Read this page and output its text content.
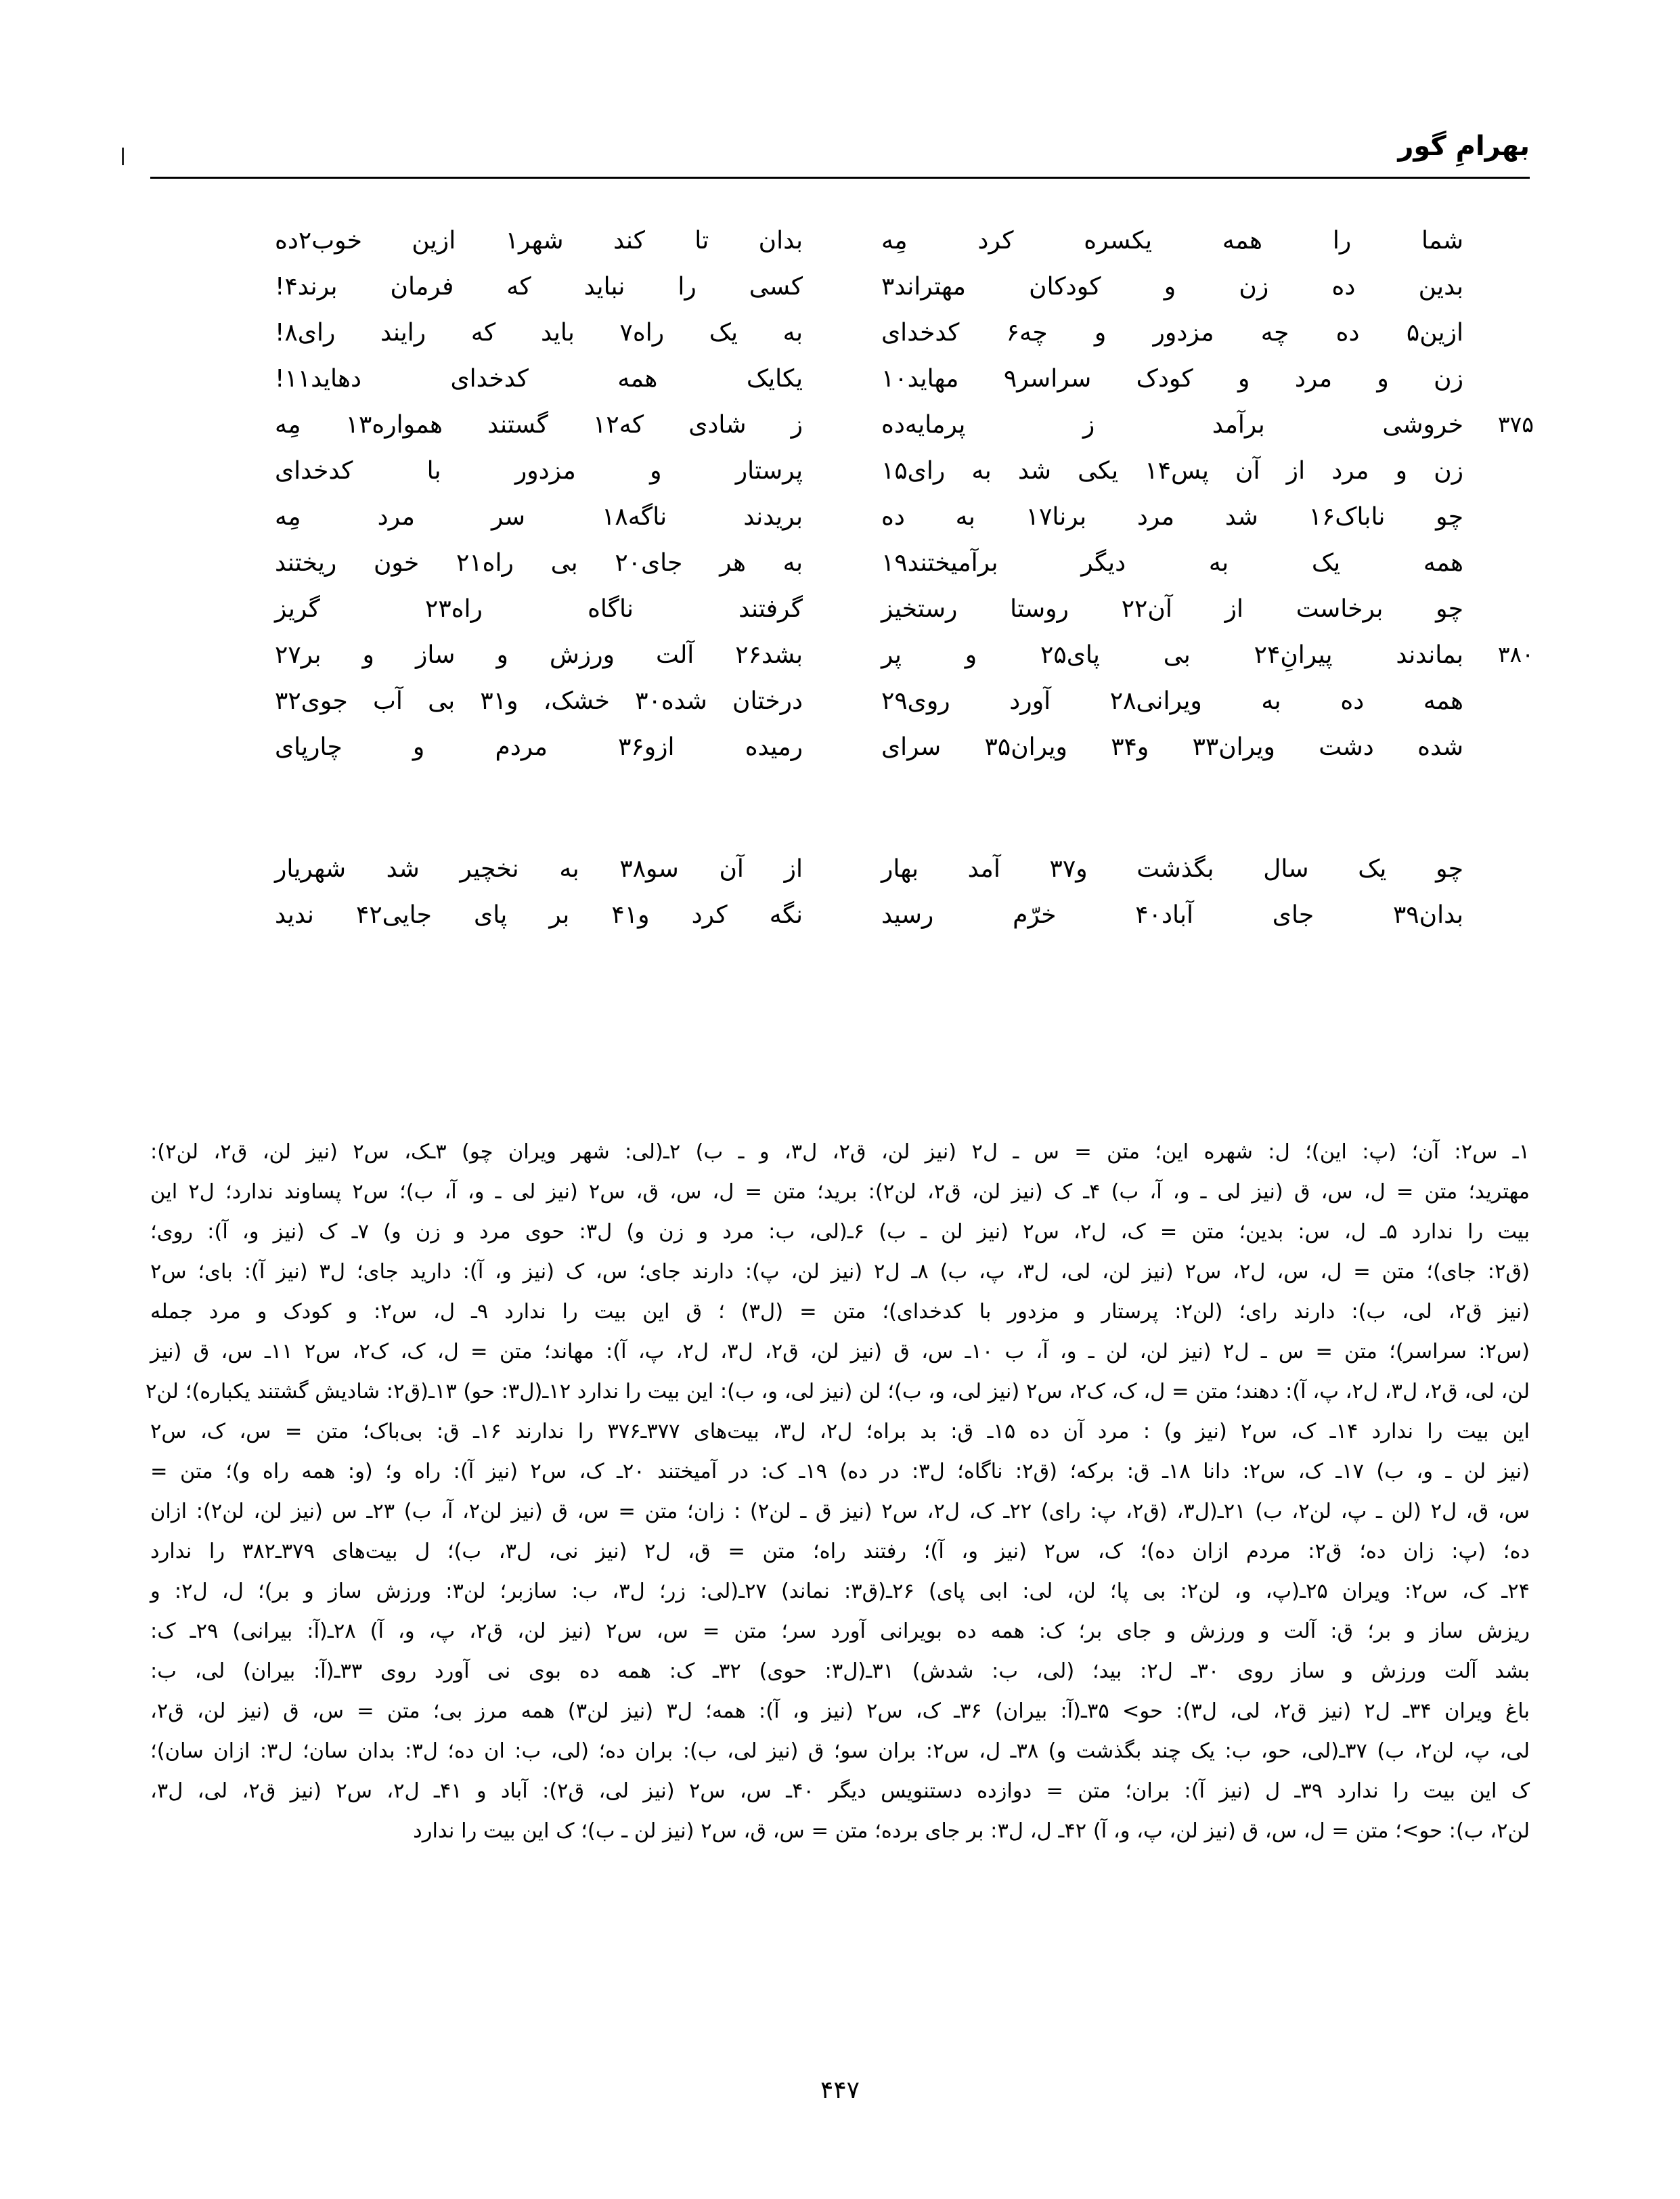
بهرامِ گور
شما را همه یکسره کرد مِه
بدان تا کند شهر۱ ازین خوب۲ده
بدین ده زن و کودکان مهتراند۳
کسی را نباید که فرمان برند۴!
ازین۵ ده چه مزدور و چه۶ کدخدای
به یک راه۷ باید که رایند رای۸!
زن و مرد و کودک سراسر۹ مهاید۱۰
یکایک همه کدخدای دهاید۱۱!
۳۷۵
خروشی برآمد ز پرمایه‌ده
ز شادی که۱۲ گستند همواره۱۳ مِه
زن و مرد از آن پس۱۴ یکی شد به رای۱۵
پرستار و مزدور با کدخدای
چو ناباک۱۶ شد مرد برنا۱۷ به ده
بریدند ناگه۱۸ سر مرد مِه
همه یک به دیگر برآمیختند۱۹
به هر جای۲۰ بی راه۲۱ خون ریختند
چو برخاست از آن۲۲ روستا رستخیز
گرفتند ناگاه راه۲۳ گریز
۳۸۰
بماندند پیرانِ۲۴ بی پای۲۵ و پر
بشد۲۶ آلت ورزش و ساز و بر۲۷
همه ده به ویرانی۲۸ آورد روی۲۹
درختان شده۳۰ خشک، و۳۱ بی آب جوی۳۲
شده دشت ویران۳۳ و۳۴ ویران۳۵ سرای
رمیده ازو۳۶ مردم و چارپای
چو یک سال بگذشت و۳۷ آمد بهار
از آن سو۳۸ به نخچیر شد شهریار
بدان۳۹ جای آباد۴۰ خرّم رسید
نگه کرد و۴۱ بر پای جایی۴۲ ندید

۱ـ س۲: آن؛ (پ: این)؛ ل: شهره این؛ متن = س ـ ل۲ (نیز لن، ق۲، ل۳، و ـ ب) ۲ـ(لی: شهر ویران چو) ۳ـک، س۲ (نیز لن، ق۲، لن۲):

مهترید؛ متن = ل، س، ق (نیز لی ـ و، آ، ب) ۴ـ ک (نیز لن، ق۲، لن۲): برید؛ متن = ل، س، ق، س۲ (نیز لی ـ و، آ، ب)؛ س۲ پساوند ندارد؛ ل۲ این

بیت را ندارد ۵ـ ل، س: بدین؛ متن = ک، ل۲، س۲ (نیز لن ـ ب) ۶ـ(لی، ب: مرد و زن و) ل۳: حوی مرد و زن و) ۷ـ ک (نیز و، آ): روی؛

(ق۲: جای)؛ متن = ل، س، ل۲، س۲ (نیز لن، لی، ل۳، پ، ب) ۸ـ ل۲ (نیز لن، پ): دارند جای؛ س، ک (نیز و، آ): دارید جای؛ ل۳ (نیز آ): بای؛ س۲

(نیز ق۲، لی، ب): دارند رای؛ (لن۲: پرستار و مزدور با کدخدای)؛ متن = (ل۳) ؛ ق این بیت را ندارد ۹ـ ل، س۲: و کودک و مرد جمله

(س۲: سراسر)؛ متن = س ـ ل۲ (نیز لن، لن ـ و، آ، ب ۱۰ـ س، ق (نیز لن، ق۲، ل۳، ل۲، پ، آ): مهاند؛ متن = ل، ک، ک۲، س۲ ۱۱ـ س، ق (نیز

لن، لی، ق۲، ل۳، ل۲، پ، آ): دهند؛ متن = ل، ک، ک۲، س۲ (نیز لی، و، ب)؛ لن (نیز لی، و، ب): این بیت را ندارد ۱۲ـ(ل۳: حو) ۱۳ـ(ق۲: شادیش گشتند یکباره)؛ لن۲

این بیت را ندارد ۱۴ـ ک، س۲ (نیز و) : مرد آن ده ۱۵ـ ق: بد براه؛ ل۲، ل۳، بیت‌های ۳۷۷ـ۳۷۶ را ندارند ۱۶ـ ق: بی‌باک؛ متن = س، ک، س۲

(نیز لن ـ و، ب) ۱۷ـ ک، س۲: دانا ۱۸ـ ق: برکه؛ (ق۲: ناگاه؛ ل۳: در ده) ۱۹ـ ک: در آمیختند ۲۰ـ ک، س۲ (نیز آ): راه و؛ (و: همه راه و)؛ متن =

س، ق، ل۲ (لن ـ پ، لن۲، ب) ۲۱ـ(ل۳، (ق۲، پ: رای) ۲۲ـ ک، ل۲، س۲ (نیز ق ـ لن۲) : زان؛ متن = س، ق (نیز لن۲، آ، ب) ۲۳ـ س (نیز لن، لن۲): ازان

ده؛ (پ: زان ده؛ ق۲: مردم ازان ده)؛ ک، س۲ (نیز و، آ)؛ رفتند راه؛ متن = ق، ل۲ (نیز نی، ل۳، ب)؛ ل بیت‌های ۳۷۹ـ۳۸۲ را ندارد

۲۴ـ ک، س۲: ویران ۲۵ـ(پ، و، لن۲: بی پا؛ لن، لی: ابی پای) ۲۶ـ(ق۳: نماند) ۲۷ـ(لی: زر؛ ل۳، ب: سازبر؛ لن۳: ورزش ساز و بر)؛ ل، ل۲: و

ریزش ساز و بر؛ ق: آلت و ورزش و جای بر؛ ک: همه ده بویرانی آورد سر؛ متن = س، س۲ (نیز لن، ق۲، پ، و، آ) ۲۸ـ(آ: بیرانی) ۲۹ـ ک:

بشد آلت ورزش و ساز روی ۳۰ـ ل۲: بید؛ (لی، ب: شدش) ۳۱ـ(ل۳: حوی) ۳۲ـ ک: همه ده بوی نی آورد روی ۳۳ـ(آ: بیران) لی، ب:

باغ ویران ۳۴ـ ل۲ (نیز ق۲، لی، ل۳): حو> ۳۵ـ(آ: بیران) ۳۶ـ ک، س۲ (نیز و، آ): همه؛ ل۳ (نیز لن۳) همه مرز بی؛ متن = س، ق (نیز لن، ق۲،

لی، پ، لن۲، ب) ۳۷ـ(لی، حو، ب: یک چند بگذشت و) ۳۸ـ ل، س۲: بران سو؛ ق (نیز لی، ب): بران ده؛ (لی، ب: ان ده؛ ل۳: بدان سان؛ ل۳: ازان سان)؛

ک این بیت را ندارد ۳۹ـ ل (نیز آ): بران؛ متن = دوازده دستنویس دیگر ۴۰ـ س، س۲ (نیز لی، ق۲): آباد و ۴۱ـ ل۲، س۲ (نیز ق۲، لی، ل۳،

لن۲، ب): حو>؛ متن = ل، س، ق (نیز لن، پ، و، آ) ۴۲ـ ل، ل۳: بر جای برده؛ متن = س، ق، س۲ (نیز لن ـ ب)؛ ک این بیت را ندارد

۴۴۷
